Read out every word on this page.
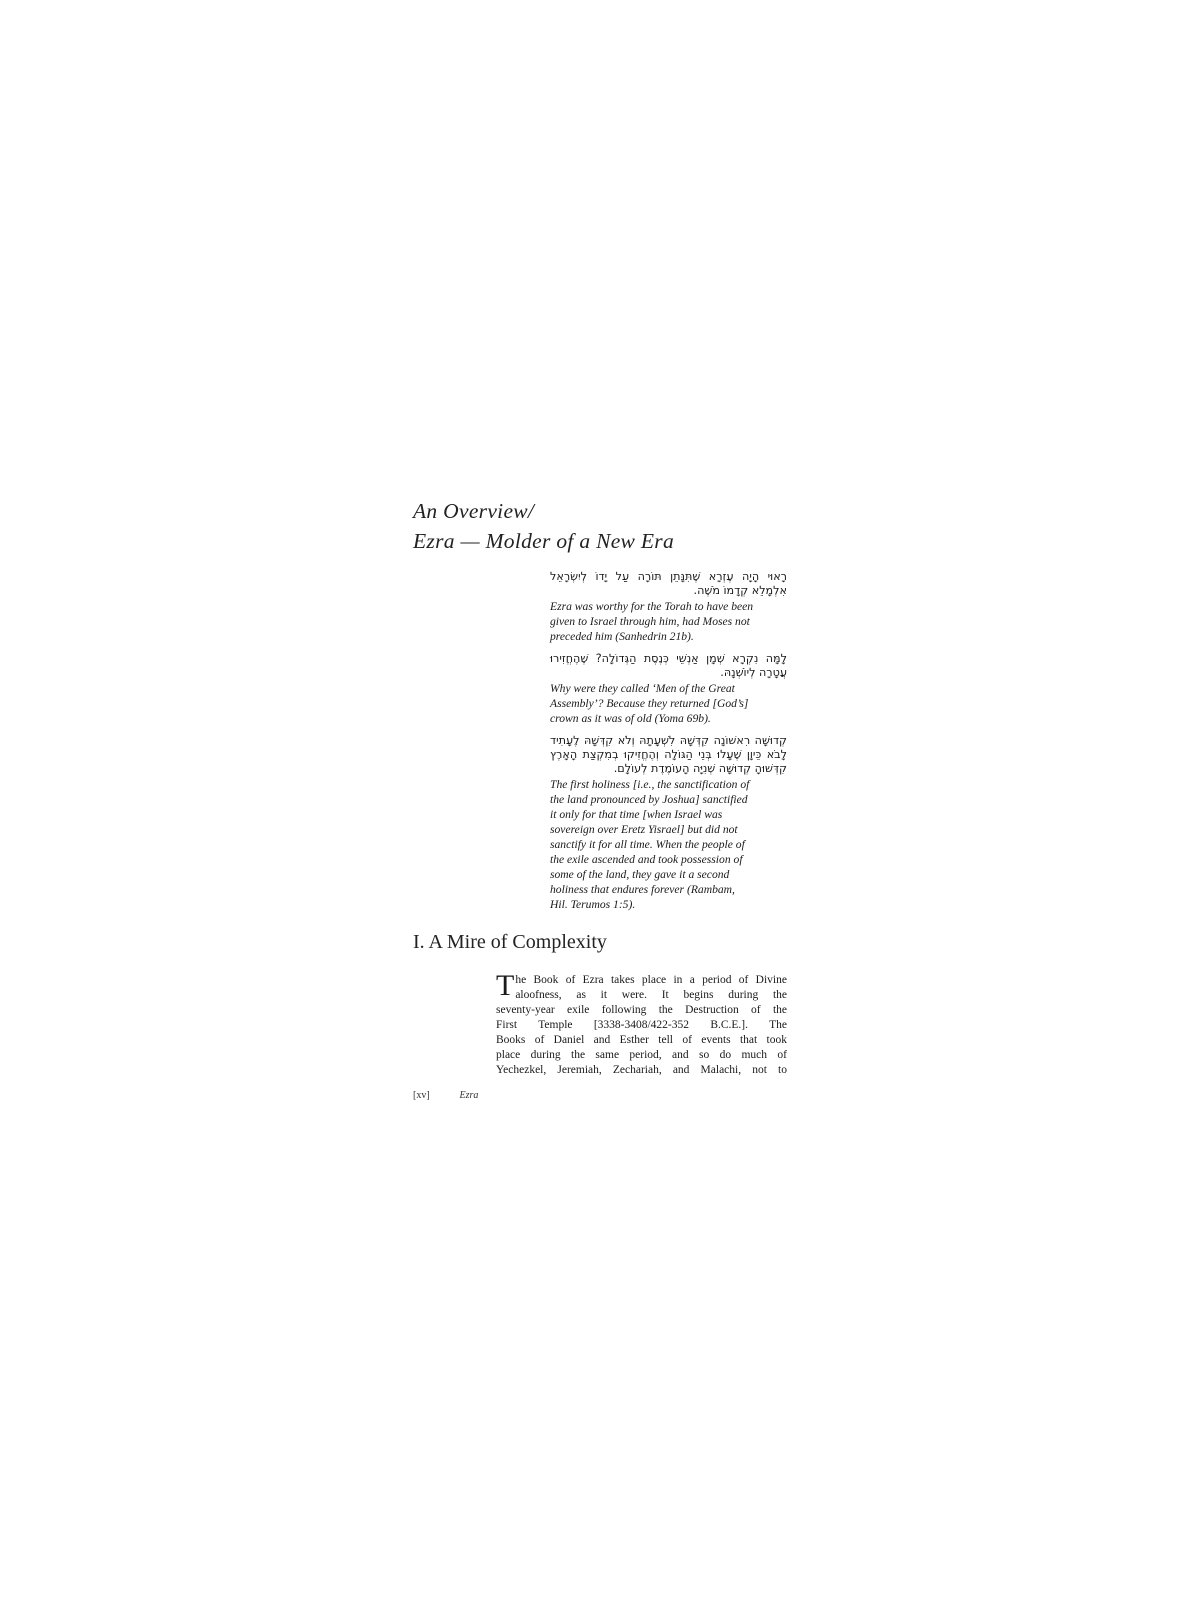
An Overview/
Ezra — Molder of a New Era

רָאוּי הָיָה עֶזְרָא שֶׁתִּנָּתֵן תּוֹרָה עַל יָדוֹ לְיִשְׂרָאֵל אִלְמָלֵא קְדָמוֹ מֹשֶׁה.

Ezra was worthy for the Torah to have been
given to Israel through him, had Moses not
preceded him (Sanhedrin 21b).

לָמָּה נִקְרָא שְׁמָן אַנְשֵׁי כְּנֶסֶת הַגְּדוֹלָה? שֶׁהֶחֱזִירוּ עֲטָרָה לְיוֹשְׁנָהּ.

Why were they called ‘Men of the Great
Assembly’? Because they returned [God’s]
crown as it was of old (Yoma 69b).

קְדוּשָּׁה רִאשׁוֹנָה קִדְּשָׁהּ לִשְׁעָתָהּ וְלֹא קִדְּשָׁהּ לֶעָתִיד לָבֹא כֵּיוָן שֶׁעָלוּ בְּנֵי הַגּוֹלָה וְהֶחֱזִיקוּ בְמִקְצַת הָאָרֶץ קִדְּשׁוּהָ קְדוּשָּׁה שְׁנִיָּה הָעוֹמֶדֶת לְעוֹלָם.

The first holiness [i.e., the sanctification of
the land pronounced by Joshua] sanctified
it only for that time [when Israel was
sovereign over Eretz Yisrael] but did not
sanctify it for all time. When the people of
the exile ascended and took possession of
some of the land, they gave it a second
holiness that endures forever (Rambam,
Hil. Terumos 1:5).

I. A Mire of Complexity
T he Book of Ezra takes place in a period of Divine
aloofness, as it were. It begins during the
seventy-year exile following the Destruction of the
First Temple [3338-3408/422-352 B.C.E.]. The
Books of Daniel and Esther tell of events that took
place during the same period, and so do much of
Yechezkel, Jeremiah, Zechariah, and Malachi, not to
[xv]	Ezra
